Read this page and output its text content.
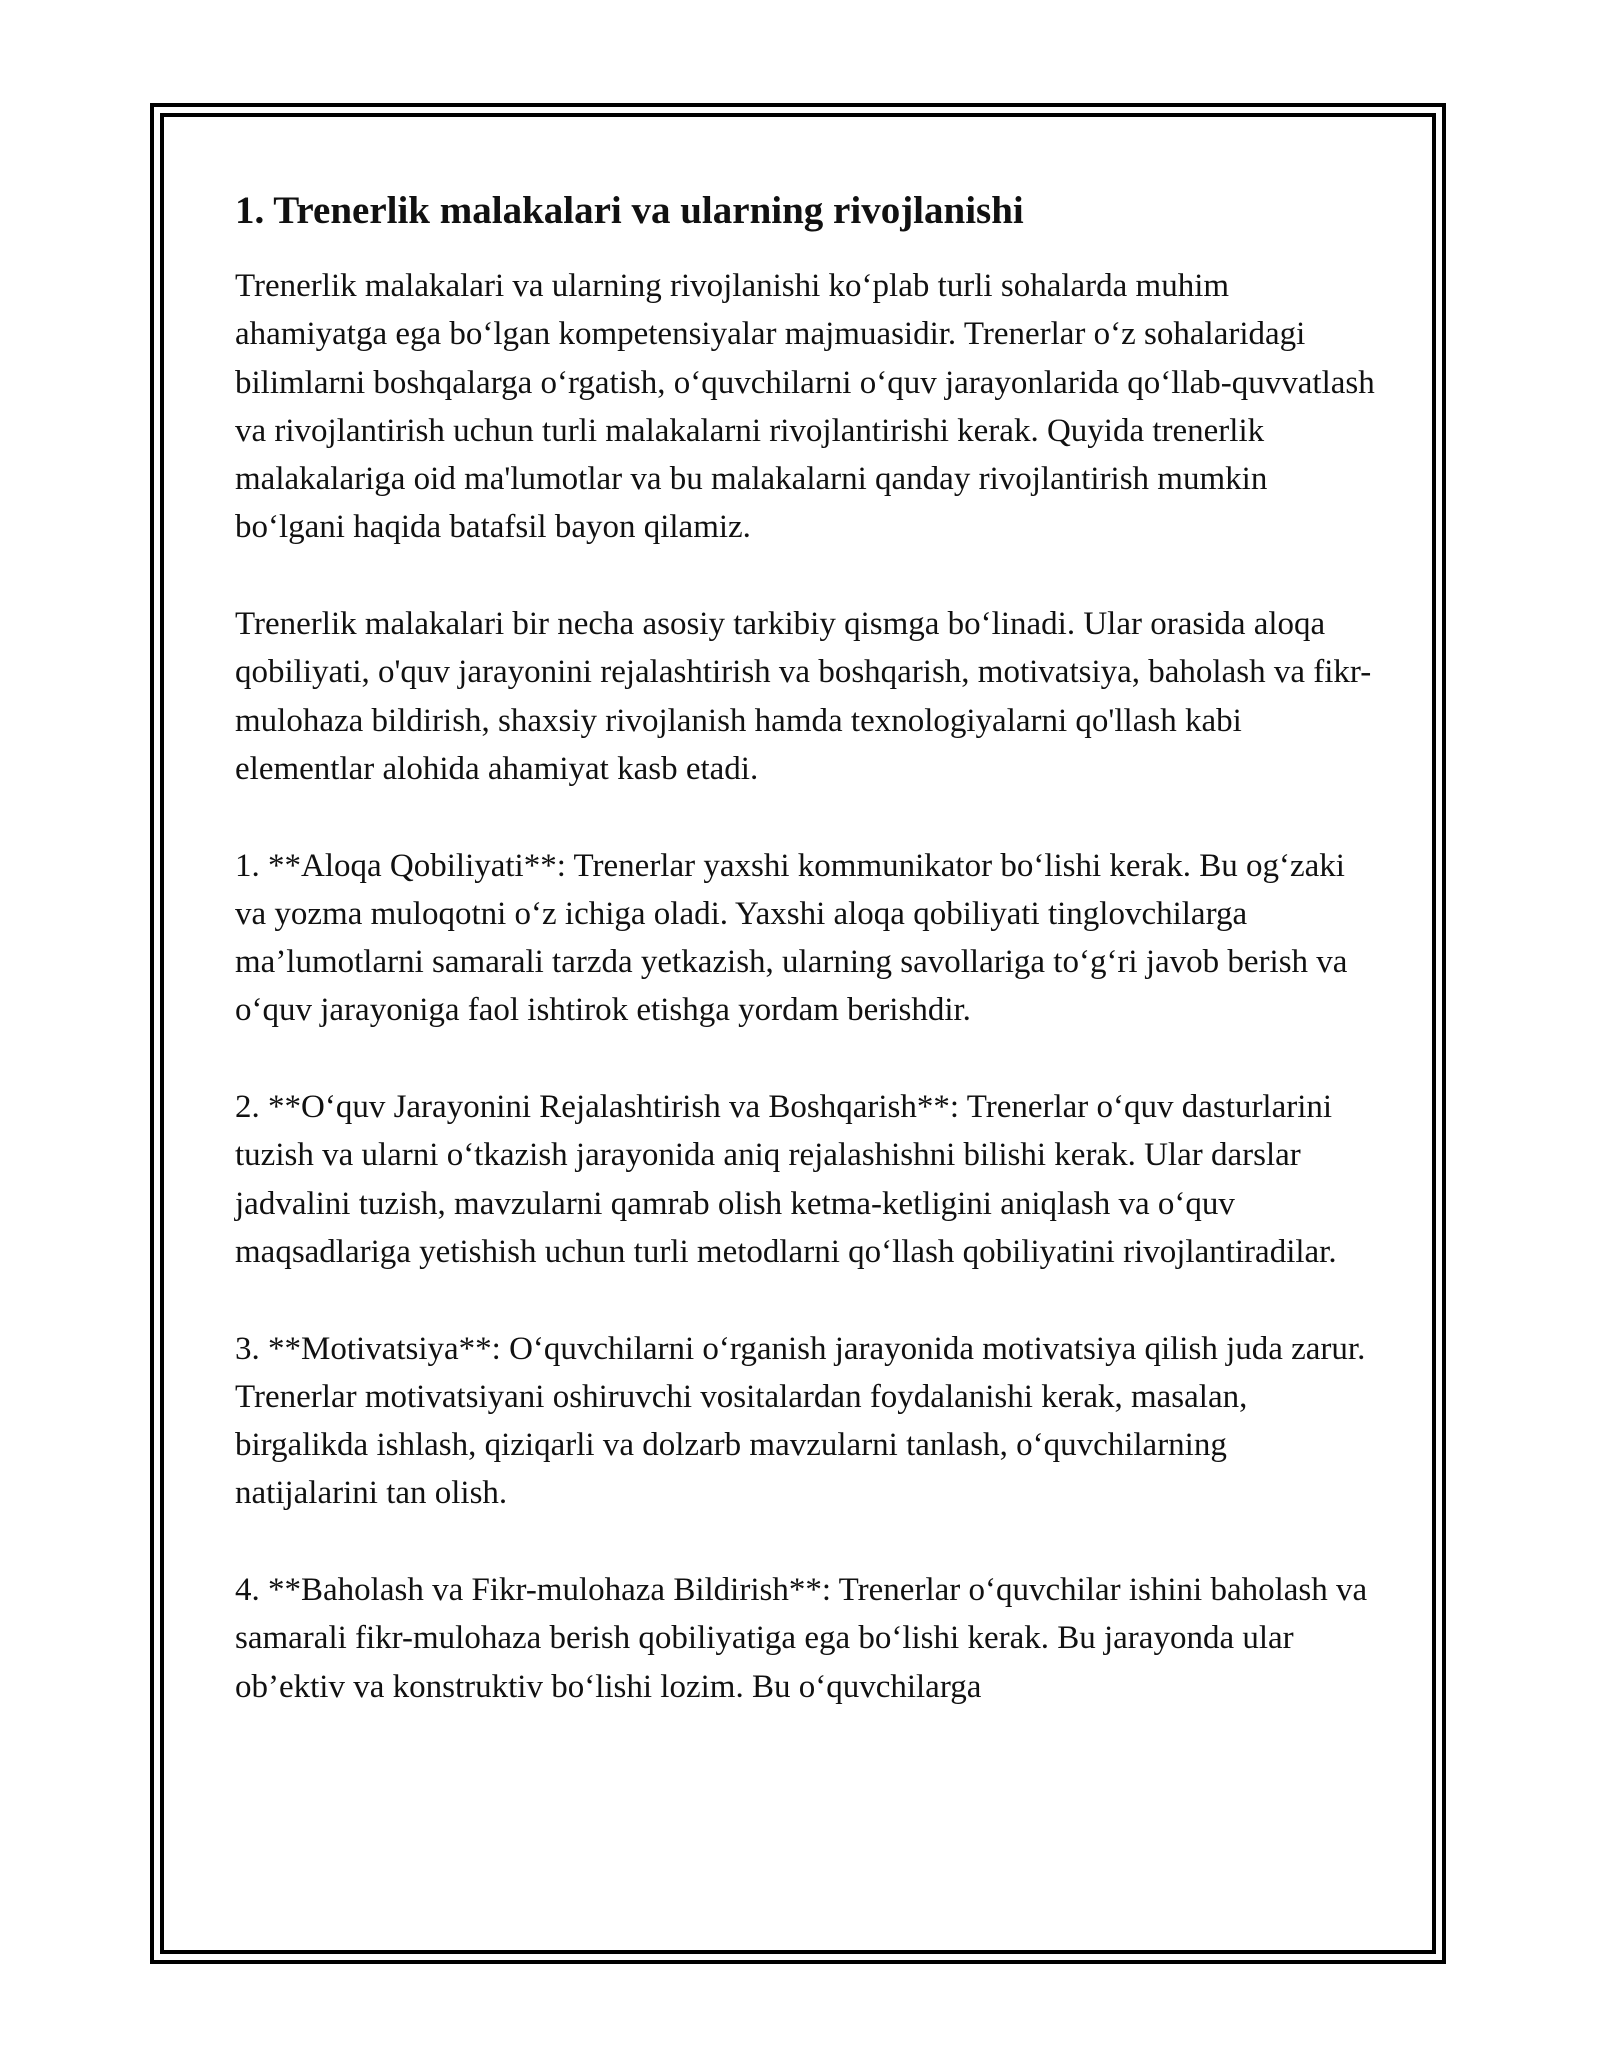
1. Trenerlik malakalari va ularning rivojlanishi

Trenerlik malakalari va ularning rivojlanishi ko‘plab turli sohalarda muhim ahamiyatga ega bo‘lgan kompetensiyalar majmuasidir. Trenerlar o‘z sohalaridagi bilimlarni boshqalarga o‘rgatish, o‘quvchilarni o‘quv jarayonlarida qo‘llab-quvvatlash va rivojlantirish uchun turli malakalarni rivojlantirishi kerak. Quyida trenerlik malakalariga oid ma'lumotlar va bu malakalarni qanday rivojlantirish mumkin bo‘lgani haqida batafsil bayon qilamiz.

Trenerlik malakalari bir necha asosiy tarkibiy qismga bo‘linadi. Ular orasida aloqa qobiliyati, o'quv jarayonini rejalashtirish va boshqarish, motivatsiya, baholash va fikr-mulohaza bildirish, shaxsiy rivojlanish hamda texnologiyalarni qo'llash kabi elementlar alohida ahamiyat kasb etadi.

1. **Aloqa Qobiliyati**: Trenerlar yaxshi kommunikator bo‘lishi kerak. Bu og‘zaki va yozma muloqotni o‘z ichiga oladi. Yaxshi aloqa qobiliyati tinglovchilarga ma’lumotlarni samarali tarzda yetkazish, ularning savollariga to‘g‘ri javob berish va o‘quv jarayoniga faol ishtirok etishga yordam berishdir.

2. **O‘quv Jarayonini Rejalashtirish va Boshqarish**: Trenerlar o‘quv dasturlarini tuzish va ularni o‘tkazish jarayonida aniq rejalashishni bilishi kerak. Ular darslar jadvalini tuzish, mavzularni qamrab olish ketma-ketligini aniqlash va o‘quv maqsadlariga yetishish uchun turli metodlarni qo‘llash qobiliyatini rivojlantiradilar.

3. **Motivatsiya**: O‘quvchilarni o‘rganish jarayonida motivatsiya qilish juda zarur. Trenerlar motivatsiyani oshiruvchi vositalardan foydalanishi kerak, masalan, birgalikda ishlash, qiziqarli va dolzarb mavzularni tanlash, o‘quvchilarning natijalarini tan olish.

4. **Baholash va Fikr-mulohaza Bildirish**: Trenerlar o‘quvchilar ishini baholash va samarali fikr-mulohaza berish qobiliyatiga ega bo‘lishi kerak. Bu jarayonda ular ob’ektiv va konstruktiv bo‘lishi lozim. Bu o‘quvchilarga
